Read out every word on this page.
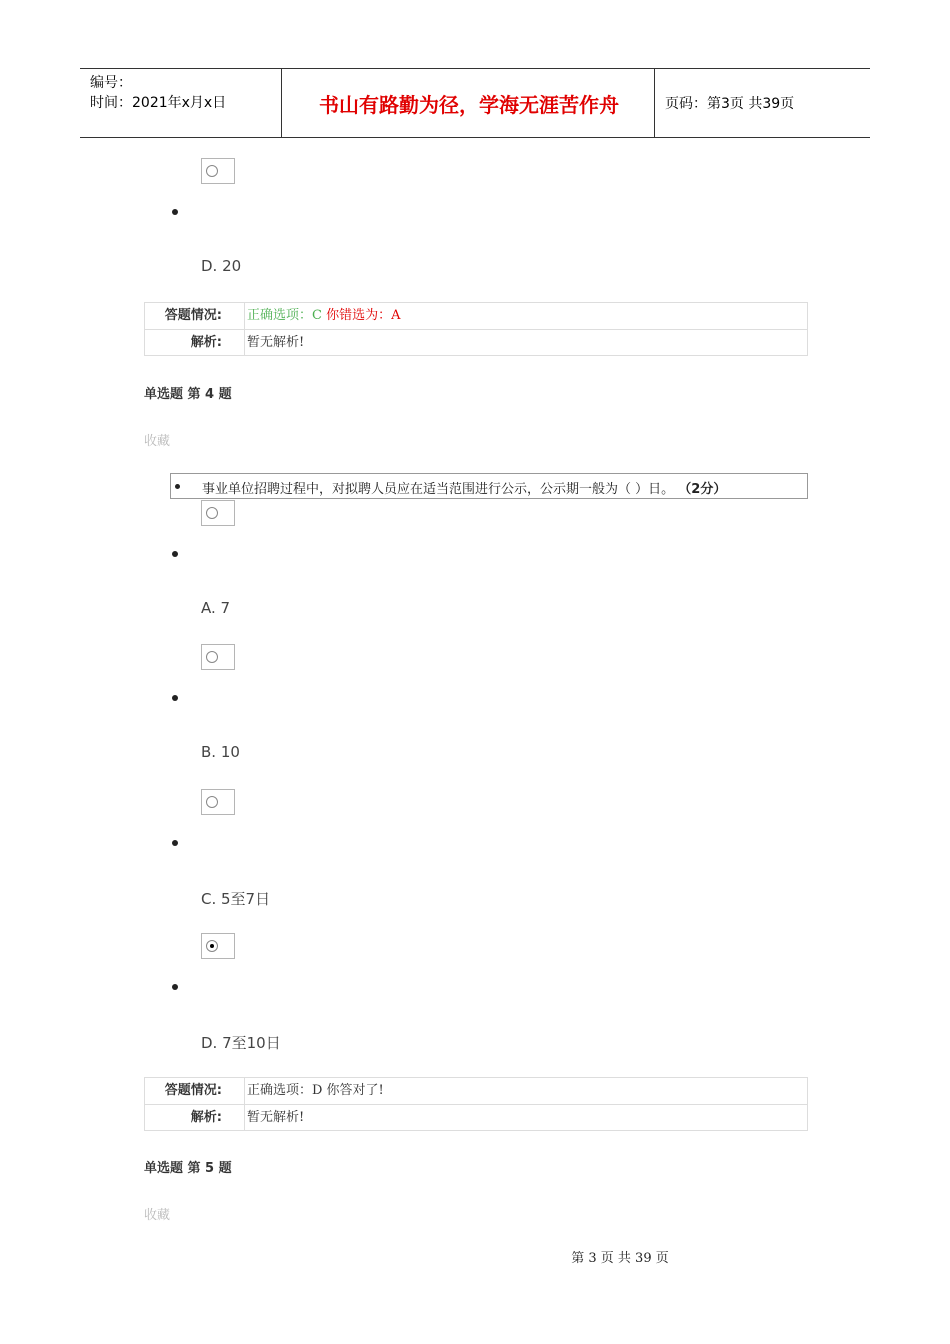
编号：
时间：2021年x月x日	书山有路勤为径，学海无涯苦作舟	页码：第3页 共39页
D. 20
答题情况:	正确选项：C 你错选为：A
解析:	暂无解析!
单选题 第 4 题
收藏
事业单位招聘过程中，对拟聘人员应在适当范围进行公示，公示期一般为（ ）日。 （2分）
A. 7
B. 10
C. 5至7日
D. 7至10日
答题情况:	正确选项：D 你答对了!
解析:	暂无解析!
单选题 第 5 题
收藏
第 3 页 共 39 页
